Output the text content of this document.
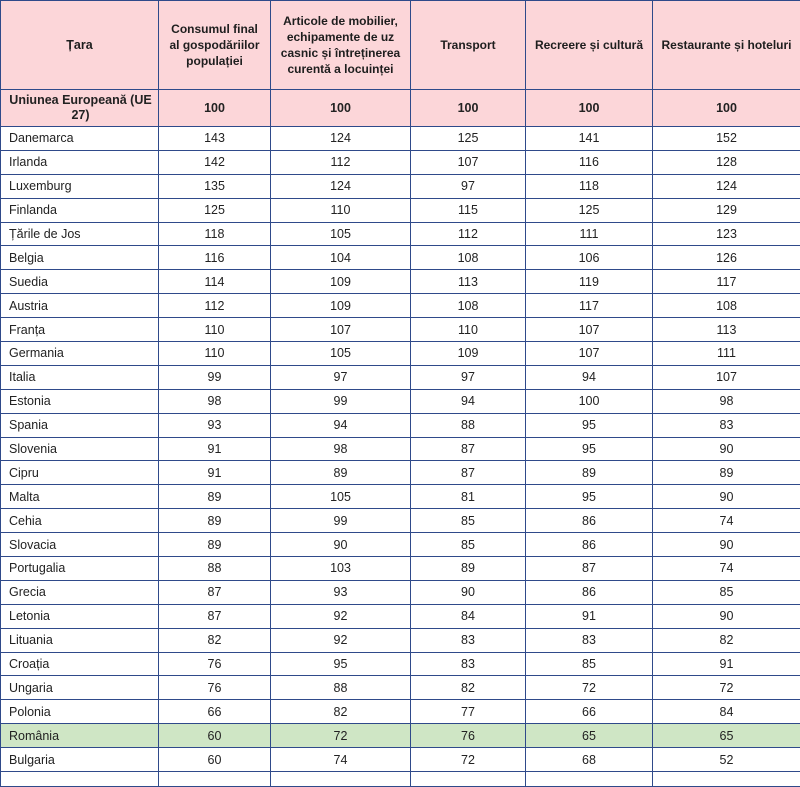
Țara	Consumul final al gospodăriilor populației	Articole de mobilier, echipamente de uz casnic și întreținerea curentă a locuinței	Transport	Recreere și cultură	Restaurante și hoteluri
Uniunea Europeană (UE 27)	100	100	100	100	100
Danemarca	143	124	125	141	152
Irlanda	142	112	107	116	128
Luxemburg	135	124	97	118	124
Finlanda	125	110	115	125	129
Țările de Jos	118	105	112	111	123
Belgia	116	104	108	106	126
Suedia	114	109	113	119	117
Austria	112	109	108	117	108
Franța	110	107	110	107	113
Germania	110	105	109	107	111
Italia	99	97	97	94	107
Estonia	98	99	94	100	98
Spania	93	94	88	95	83
Slovenia	91	98	87	95	90
Cipru	91	89	87	89	89
Malta	89	105	81	95	90
Cehia	89	99	85	86	74
Slovacia	89	90	85	86	90
Portugalia	88	103	89	87	74
Grecia	87	93	90	86	85
Letonia	87	92	84	91	90
Lituania	82	92	83	83	82
Croația	76	95	83	85	91
Ungaria	76	88	82	72	72
Polonia	66	82	77	66	84
România	60	72	76	65	65
Bulgaria	60	74	72	68	52
